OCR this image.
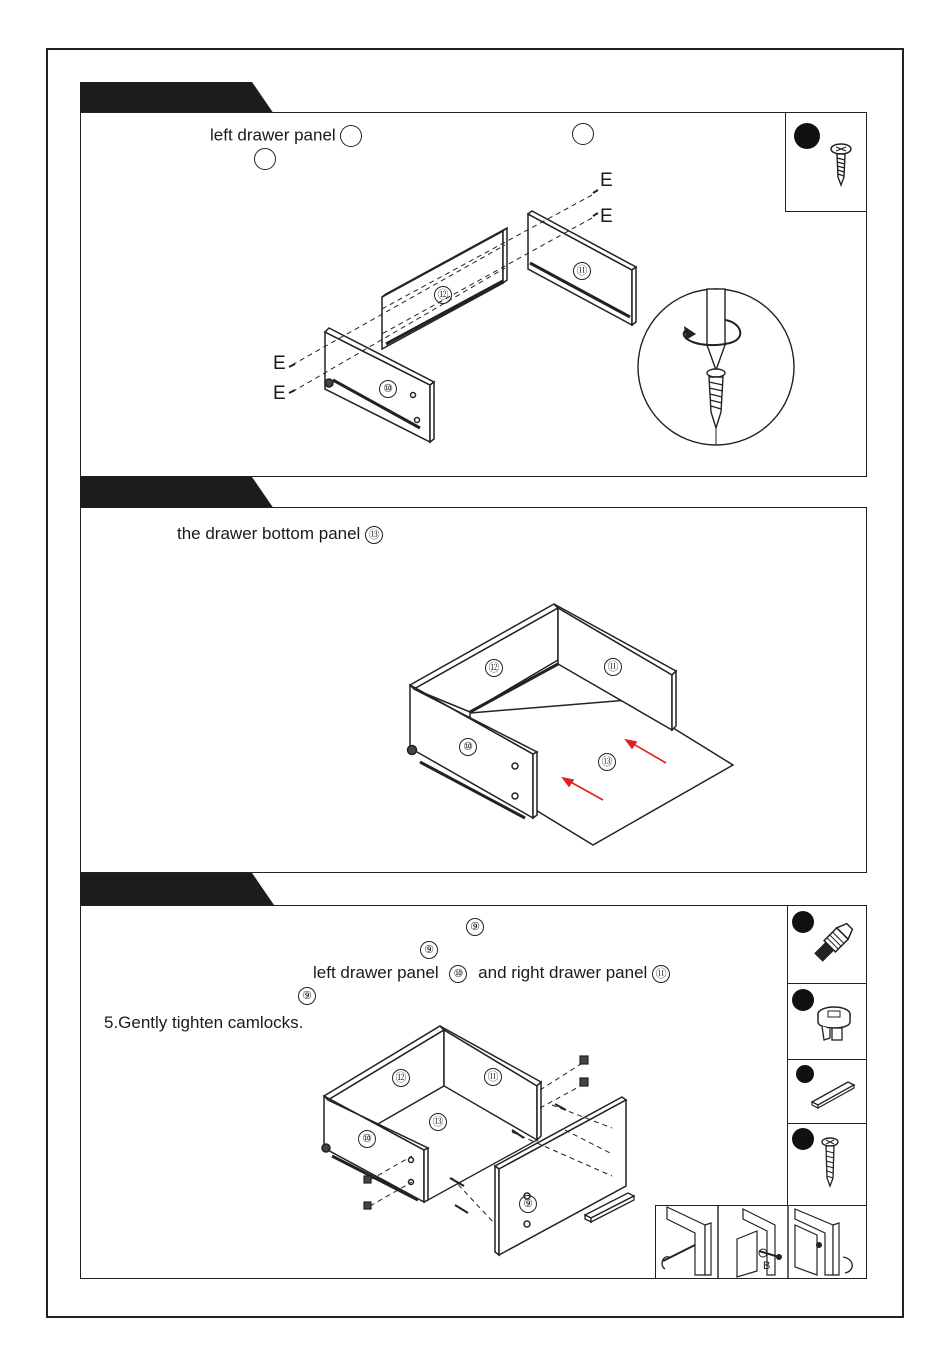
left drawer panel
E
E
E
E	⑩
⑪
⑫
the drawer bottom panel ⑬
⑩
⑪
⑫
⑬
⑨
⑨
left drawer panel ⑩ and right drawer panel ⑪
⑨
5.Gently tighten camlocks.
B
⑨
⑩
⑪
⑫
⑬
